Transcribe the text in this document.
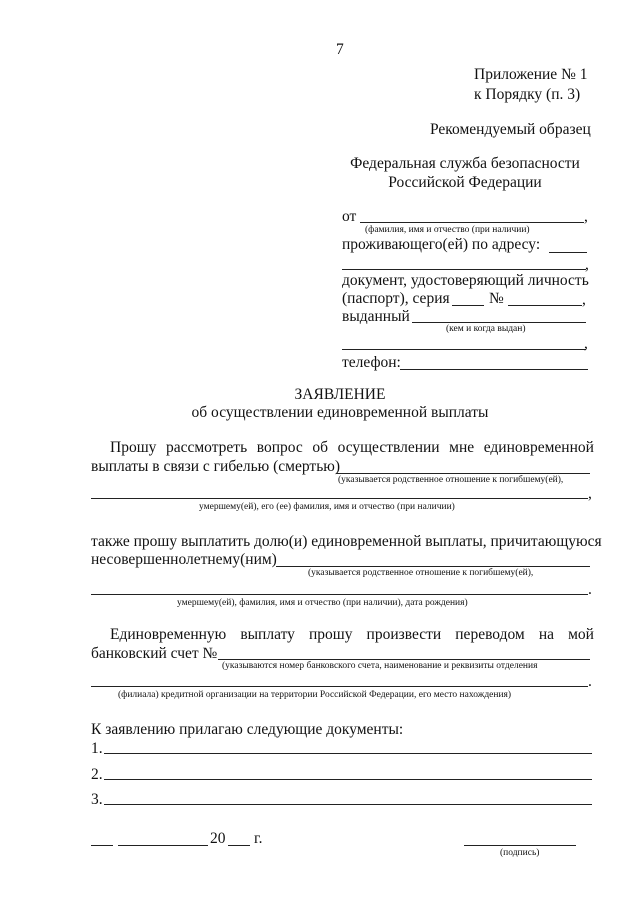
7
Приложение № 1
к Порядку (п. 3)
Рекомендуемый образец
Федеральная служба безопасности
Российской Федерации
от	,
(фамилия, имя и отчество (при наличии)
проживающего(ей) по адресу:
,
документ, удостоверяющий личность
(паспорт), серия	№	,
выданный
(кем и когда выдан)
,
телефон:
ЗАЯВЛЕНИЕ
об осуществлении единовременной выплаты
Прошу рассмотреть вопрос об осуществлении мне единовременной
выплаты в связи с гибелью (смертью)
(указывается родственное отношение к погибшему(ей),
,
умершему(ей), его (ее) фамилия, имя и отчество (при наличии)
также прошу выплатить долю(и) единовременной выплаты, причитающуюся
несовершеннолетнему(ним)
(указывается родственное отношение к погибшему(ей),
.
умершему(ей), фамилия, имя и отчество (при наличии), дата рождения)
Единовременную выплату прошу произвести переводом на мой
банковский счет №
(указываются номер банковского счета, наименование и реквизиты отделения
.
(филиала) кредитной организации на территории Российской Федерации, его место нахождения)
К заявлению прилагаю следующие документы:
1.
2.
3.
20 г.
(подпись)
